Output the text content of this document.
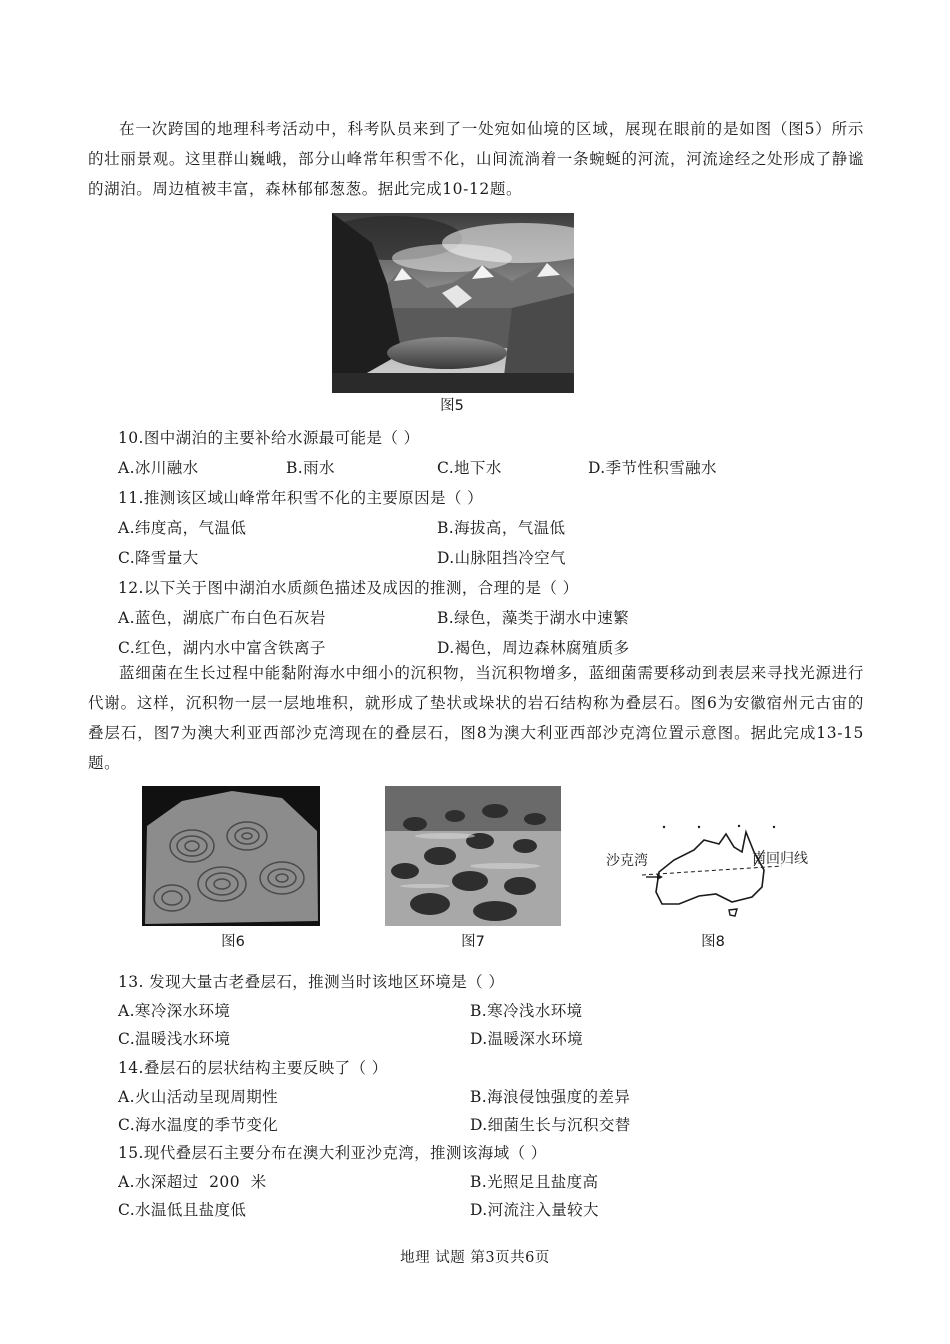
在一次跨国的地理科考活动中，科考队员来到了一处宛如仙境的区域，展现在眼前的是如图（图5）所示的壮丽景观。这里群山巍峨，部分山峰常年积雪不化，山间流淌着一条蜿蜒的河流，河流途经之处形成了静谧的湖泊。周边植被丰富，森林郁郁葱葱。据此完成10-12题。
图5
10.图中湖泊的主要补给水源最可能是（ ）
A.冰川融水	B.雨水	C.地下水	D.季节性积雪融水
11.推测该区域山峰常年积雪不化的主要原因是（ ）
A.纬度高，气温低	B.海拔高，气温低
C.降雪量大	D.山脉阻挡冷空气
12.以下关于图中湖泊水质颜色描述及成因的推测，合理的是（ ）
A.蓝色，湖底广布白色石灰岩	B.绿色，藻类于湖水中速繁
C.红色，湖内水中富含铁离子	D.褐色，周边森林腐殖质多
蓝细菌在生长过程中能黏附海水中细小的沉积物，当沉积物增多，蓝细菌需要移动到表层来寻找光源进行代谢。这样，沉积物一层一层地堆积，就形成了垫状或垛状的岩石结构称为叠层石。图6为安徽宿州元古宙的叠层石，图7为澳大利亚西部沙克湾现在的叠层石，图8为澳大利亚西部沙克湾位置示意图。据此完成13-15题。
图6	图7
沙克湾	南回归线
图8
13. 发现大量古老叠层石，推测当时该地区环境是（ ）
A.寒冷深水环境	B.寒冷浅水环境
C.温暖浅水环境	D.温暖深水环境
14.叠层石的层状结构主要反映了（ ）
A.火山活动呈现周期性	B.海浪侵蚀强度的差异
C.海水温度的季节变化	D.细菌生长与沉积交替
15.现代叠层石主要分布在澳大利亚沙克湾，推测该海域（ ）
A.水深超过  200  米	B.光照足且盐度高
C.水温低且盐度低	D.河流注入量较大
地理 试题 第3页共6页
